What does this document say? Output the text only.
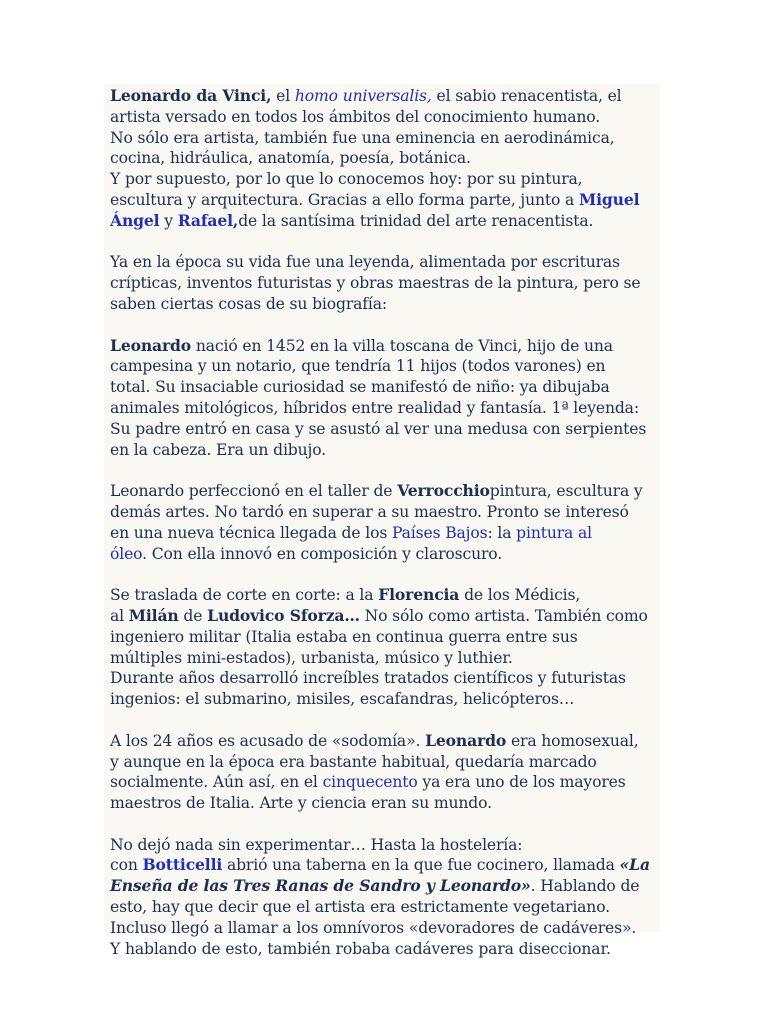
Leonardo da Vinci, el homo universalis, el sabio renacentista, el
artista versado en todos los ámbitos del conocimiento humano.
No sólo era artista, también fue una eminencia en aerodinámica,
cocina, hidráulica, anatomía, poesía, botánica.
Y por supuesto, por lo que lo conocemos hoy: por su pintura,
escultura y arquitectura. Gracias a ello forma parte, junto a Miguel
Ángel y Rafael,de la santísima trinidad del arte renacentista.

Ya en la época su vida fue una leyenda, alimentada por escrituras
crípticas, inventos futuristas y obras maestras de la pintura, pero se
saben ciertas cosas de su biografía:

Leonardo nació en 1452 en la villa toscana de Vinci, hijo de una
campesina y un notario, que tendría 11 hijos (todos varones) en
total. Su insaciable curiosidad se manifestó de niño: ya dibujaba
animales mitológicos, híbridos entre realidad y fantasía. 1ª leyenda:
Su padre entró en casa y se asustó al ver una medusa con serpientes
en la cabeza. Era un dibujo.

Leonardo perfeccionó en el taller de Verrocchiopintura, escultura y
demás artes. No tardó en superar a su maestro. Pronto se interesó
en una nueva técnica llegada de los Países Bajos: la pintura al
óleo. Con ella innovó en composición y claroscuro.

Se traslada de corte en corte: a la Florencia de los Médicis,
al Milán de Ludovico Sforza… No sólo como artista. También como
ingeniero militar (Italia estaba en continua guerra entre sus
múltiples mini-estados), urbanista, músico y luthier.
Durante años desarrolló increíbles tratados científicos y futuristas
ingenios: el submarino, misiles, escafandras, helicópteros…

A los 24 años es acusado de «sodomía». Leonardo era homosexual,
y aunque en la época era bastante habitual, quedaría marcado
socialmente. Aún así, en el cinquecento ya era uno de los mayores
maestros de Italia. Arte y ciencia eran su mundo.

No dejó nada sin experimentar… Hasta la hostelería:
con Botticelli abrió una taberna en la que fue cocinero, llamada «La
Enseña de las Tres Ranas de Sandro y Leonardo». Hablando de
esto, hay que decir que el artista era estrictamente vegetariano.
Incluso llegó a llamar a los omnívoros «devoradores de cadáveres».
Y hablando de esto, también robaba cadáveres para diseccionar.
